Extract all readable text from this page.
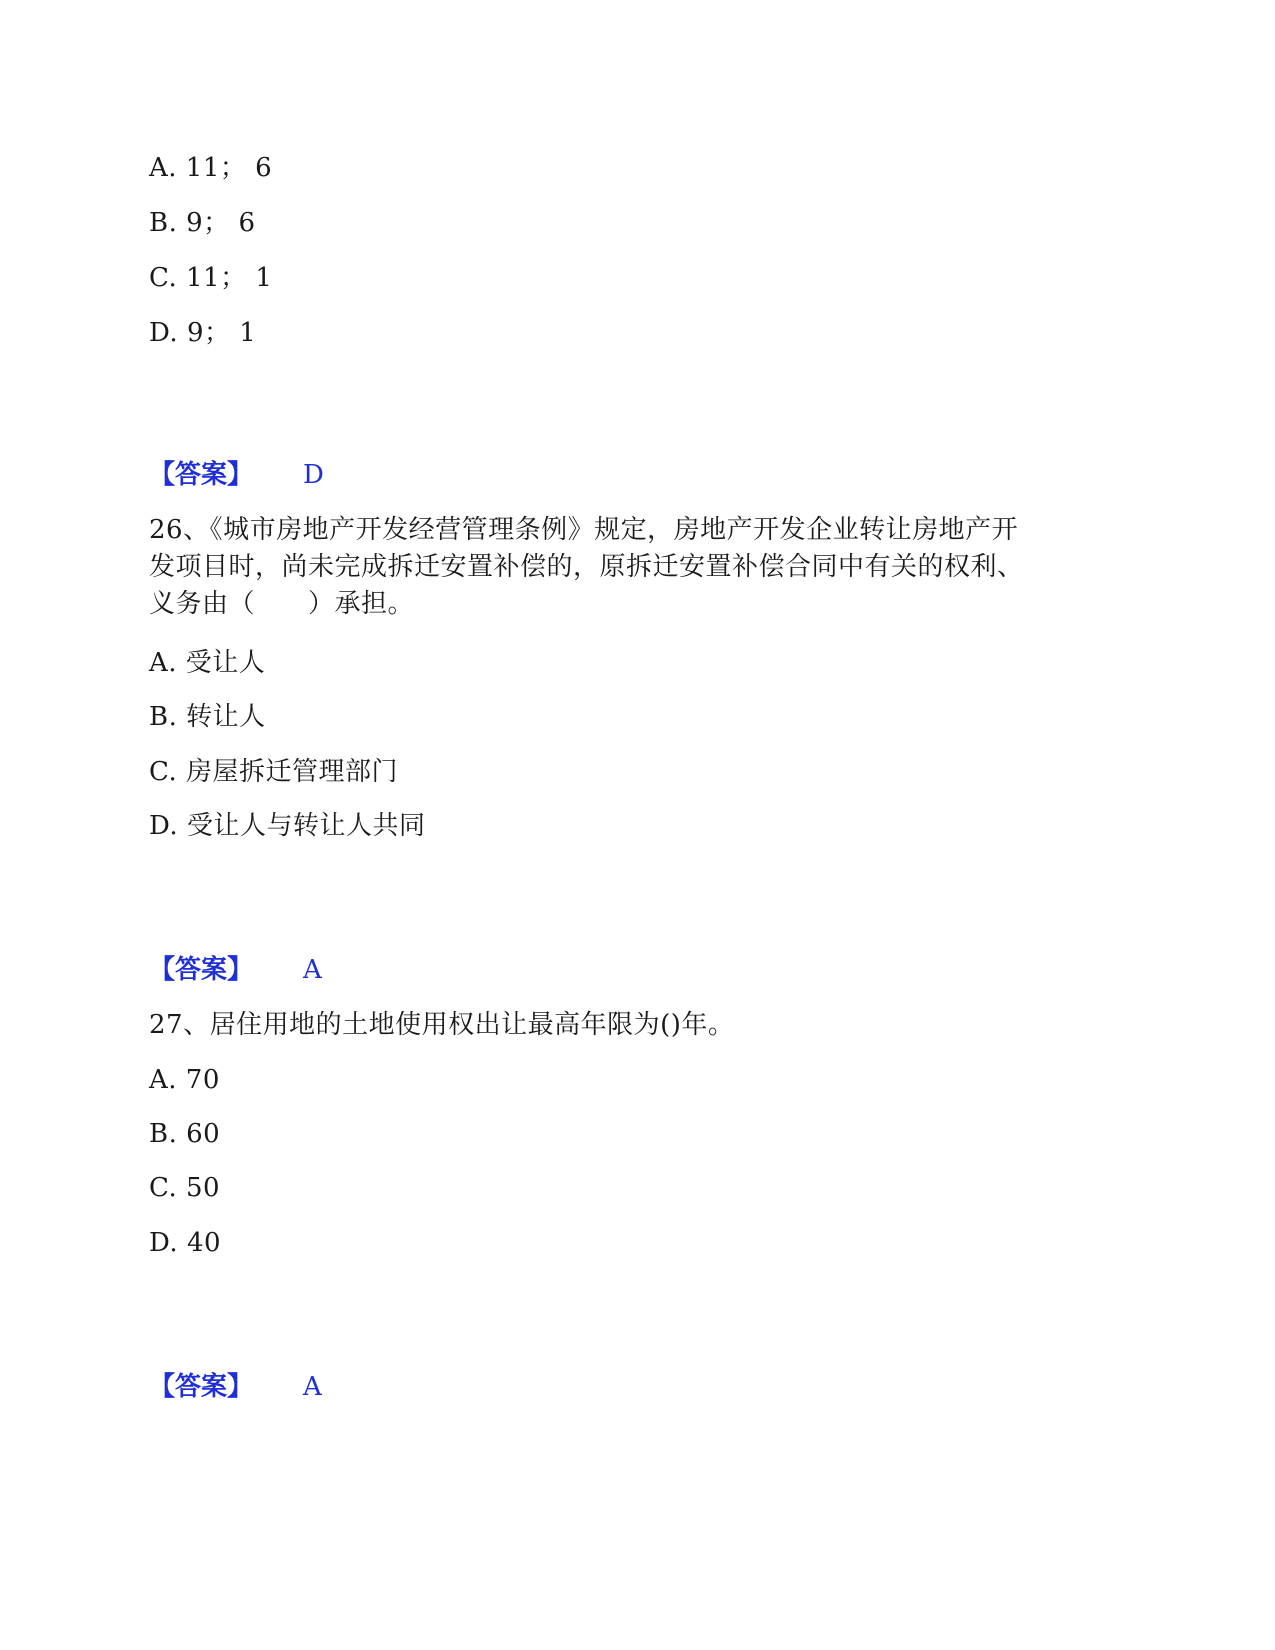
A. 11； 6
B. 9； 6
C. 11； 1
D. 9； 1
【答案】 D
26、《城市房地产开发经营管理条例》规定，房地产开发企业转让房地产开
发项目时，尚未完成拆迁安置补偿的，原拆迁安置补偿合同中有关的权利、
义务由（　　）承担。
A. 受让人
B. 转让人
C. 房屋拆迁管理部门
D. 受让人与转让人共同
【答案】 A
27、居住用地的土地使用权出让最高年限为()年。
A. 70
B. 60
C. 50
D. 40
【答案】 A
